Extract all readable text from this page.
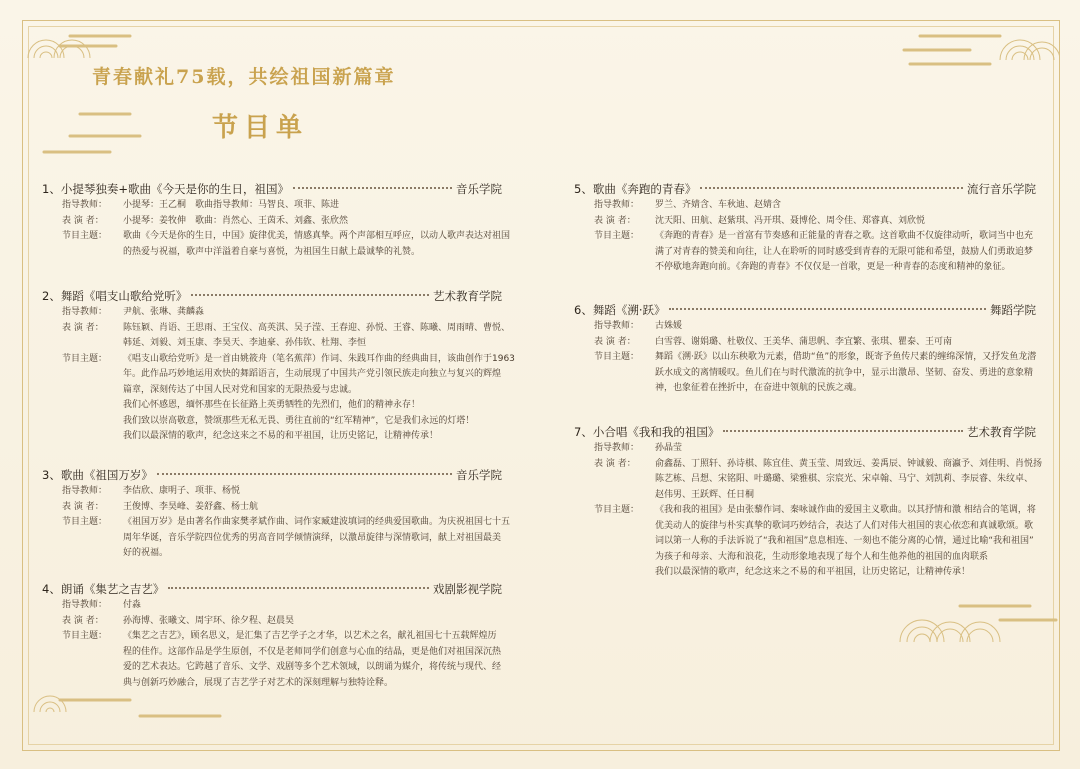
青春献礼75载，共绘祖国新篇章
节目单
1、 小提琴独奏+歌曲《今天是你的生日，祖国》	音乐学院
指导教师：	小提琴：王乙桐　歌曲指导教师：马智良、项菲、陈进
表 演 者：	小提琴：姜牧伸　歌曲：肖然心、王茵禾、刘鑫、张欣然
节目主题：	歌曲《今天是你的生日，中国》旋律优美，情感真挚。两个声部相互呼应，以动人歌声表达对祖国
的热爱与祝福，歌声中洋溢着自豪与喜悦，为祖国生日献上最诚挚的礼赞。
2、 舞蹈《唱支山歌给党听》	艺术教育学院
指导教师：	尹航、张琳、龚麟淼
表 演 者：	陈钰颖、肖语、王思雨、王宝仪、高英淇、吴子滢、王春迎、孙悦、王睿、陈曦、周雨晴、曹悦、
韩延、刘毅、刘玉康、李昊天、李迪豪、孙伟钦、杜翔、李恒
节目主题：	《唱支山歌给党听》是一首由姚筱舟（笔名蕉萍）作词、朱践耳作曲的经典曲目，该曲创作于1963
年。此作品巧妙地运用欢快的舞蹈语言，生动展现了中国共产党引领民族走向独立与复兴的辉煌
篇章，深刻传达了中国人民对党和国家的无限热爱与忠诚。
我们心怀感恩，缅怀那些在长征路上英勇牺牲的先烈们，他们的精神永存！
我们致以崇高敬意，赞颂那些无私无畏、勇往直前的“红军精神”，它是我们永远的灯塔！
我们以最深情的歌声，纪念这来之不易的和平祖国，让历史铭记，让精神传承！
3、 歌曲《祖国万岁》	音乐学院
指导教师：	李佶欣、康明子、项菲、杨悦
表 演 者：	王俊博、李昊峰、姜舒鑫、杨士航
节目主题：	《祖国万岁》是由著名作曲家樊孝斌作曲、词作家臧建波填词的经典爱国歌曲。为庆祝祖国七十五
周年华诞，音乐学院四位优秀的男高音同学倾情演绎，以激昂旋律与深情歌词，献上对祖国最美
好的祝福。
4、 朗诵《集艺之吉艺》	戏剧影视学院
指导教师：	付淼
表 演 者：	孙海博、张曦文、周宇环、徐夕程、赵晨昊
节目主题：	《集艺之吉艺》，顾名思义，是汇集了吉艺学子之才华，以艺术之名，献礼祖国七十五载辉煌历
程的佳作。这部作品是学生原创，不仅是老师同学们创意与心血的结晶，更是他们对祖国深沉热
爱的艺术表达。它跨越了音乐、文学、戏剧等多个艺术领域，以朗诵为媒介，将传统与现代、经
典与创新巧妙融合，展现了吉艺学子对艺术的深刻理解与独特诠释。
5、 歌曲《奔跑的青春》	流行音乐学院
指导教师：	罗兰、齐婧含、车秋迪、赵婧含
表 演 者：	沈天阳、田航、赵紫琪、冯开琪、聂博伦、周令佳、郑睿真、刘欣悦
节目主题：	《奔跑的青春》是一首富有节奏感和正能量的青春之歌。这首歌曲不仅旋律动听，歌词当中也充
满了对青春的赞美和向往，让人在聆听的同时感受到青春的无限可能和希望，鼓励人们勇敢追梦
不停歇地奔跑向前。《奔跑的青春》不仅仅是一首歌，更是一种青春的态度和精神的象征。
6、 舞蹈《溯·跃》	舞蹈学院
指导教师：	古姝媛
表 演 者：	白雪蓉、谢娟璐、杜敬仪、王美华、蒲思帆、李宜繁、张琪、瞿泰、王可南
节目主题：	舞蹈《溯·跃》以山东秧歌为元素，借助“鱼”的形象，既寄予鱼传尺素的缠绵深情，又抒发鱼龙潜
跃水成文的离情暖叹。鱼儿们在与时代激流的抗争中，显示出激昂、坚韧、奋发、勇进的意象精
神，也象征着在挫折中，在奋进中领航的民族之魂。
7、 小合唱《我和我的祖国》	艺术教育学院
指导教师：	孙晶莹
表 演 者：	俞鑫磊、丁照轩、孙诗棋、陈宜佳、黄玉莹、周致远、姜禹辰、钟诚毅、商瀛予、刘佳明、肖悦扬
陈艺栋、吕想、宋铭阳、叶璐璐、梁雅棋、宗宸光、宋卓翰、马宁、刘凯莉、李辰睿、朱纹卓、
赵伟男、王跃辉、任日桐
节目主题：	《我和我的祖国》是由张藜作词、秦咏诚作曲的爱国主义歌曲。以其抒情和激 相结合的笔调，将
优美动人的旋律与朴实真挚的歌词巧妙结合，表达了人们对伟大祖国的衷心依恋和真诚歌颂。歌
词以第一人称的手法诉说了“我和祖国”息息相连、一刻也不能分离的心情，通过比喻“我和祖国”
为孩子和母亲、大海和浪花，生动形象地表现了每个人和生他养他的祖国的血肉联系
我们以最深情的歌声，纪念这来之不易的和平祖国，让历史铭记，让精神传承！
